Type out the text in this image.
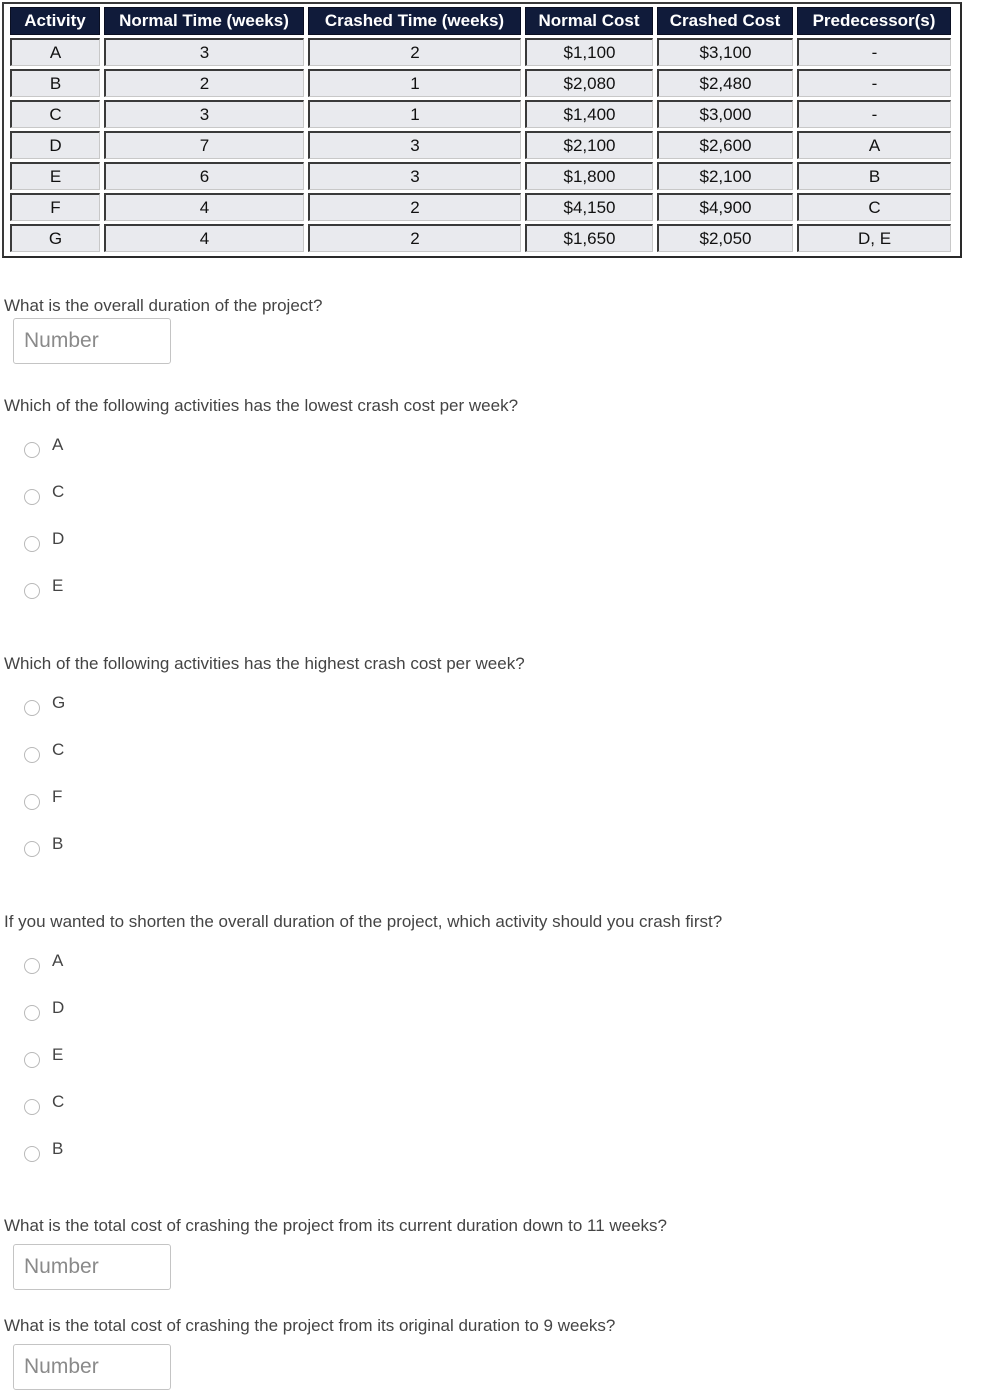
Activity	Normal Time (weeks)	Crashed Time (weeks)	Normal Cost	Crashed Cost	Predecessor(s)
A	3	2	$1,100	$3,100	-
B	2	1	$2,080	$2,480	-
C	3	1	$1,400	$3,000	-
D	7	3	$2,100	$2,600	A
E	6	3	$1,800	$2,100	B
F	4	2	$4,150	$4,900	C
G	4	2	$1,650	$2,050	D, E
What is the overall duration of the project?
Number
Which of the following activities has the lowest crash cost per week?
A
C
D
E
Which of the following activities has the highest crash cost per week?
G
C
F
B
If you wanted to shorten the overall duration of the project, which activity should you crash first?
A
D
E
C
B
What is the total cost of crashing the project from its current duration down to 11 weeks?
Number
What is the total cost of crashing the project from its original duration to 9 weeks?
Number
